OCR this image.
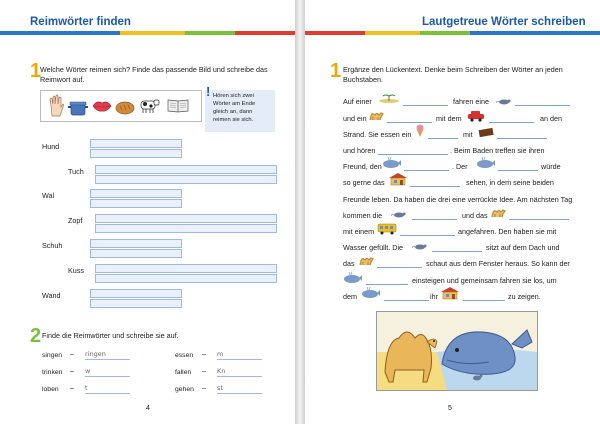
Reimwörter finden
1
Welche Wörter reimen sich? Finde das passende Bild und schreibe das
Reimwort auf.
! Hören sich zwei
Wörter am Ende
gleich an, dann
reimen sie sich.
Hund
Tuch
Wal
Zopf
Schuh
Kuss
Wand
2 Finde die Reimwörter und schreibe sie auf.
singen – ringen	essen – m
trinken – w	fallen – Kn
loben – t	gehen – st
4
Lautgetreue Wörter schreiben
1 Ergänze den Lückentext. Denke beim Schreiben der Wörter an jeden
Buchstaben.
Auf einer	fahren eine
und ein	mit dem	an den
Strand. Sie essen ein	mit
und hören	. Beim Baden treffen sie ihren
Freund, den	. Der	würde
so gerne das	sehen, in dem seine beiden
Freunde leben. Da haben die drei eine verrückte Idee. Am nächsten Tag
kommen die	und das
mit einem	angefahren. Den haben sie mit
Wasser gefüllt. Die	sitzt auf dem Dach und
das	schaut aus dem Fenster heraus. So kann der
einsteigen und gemeinsam fahren sie los, um
dem	ihr	zu zeigen.
5
